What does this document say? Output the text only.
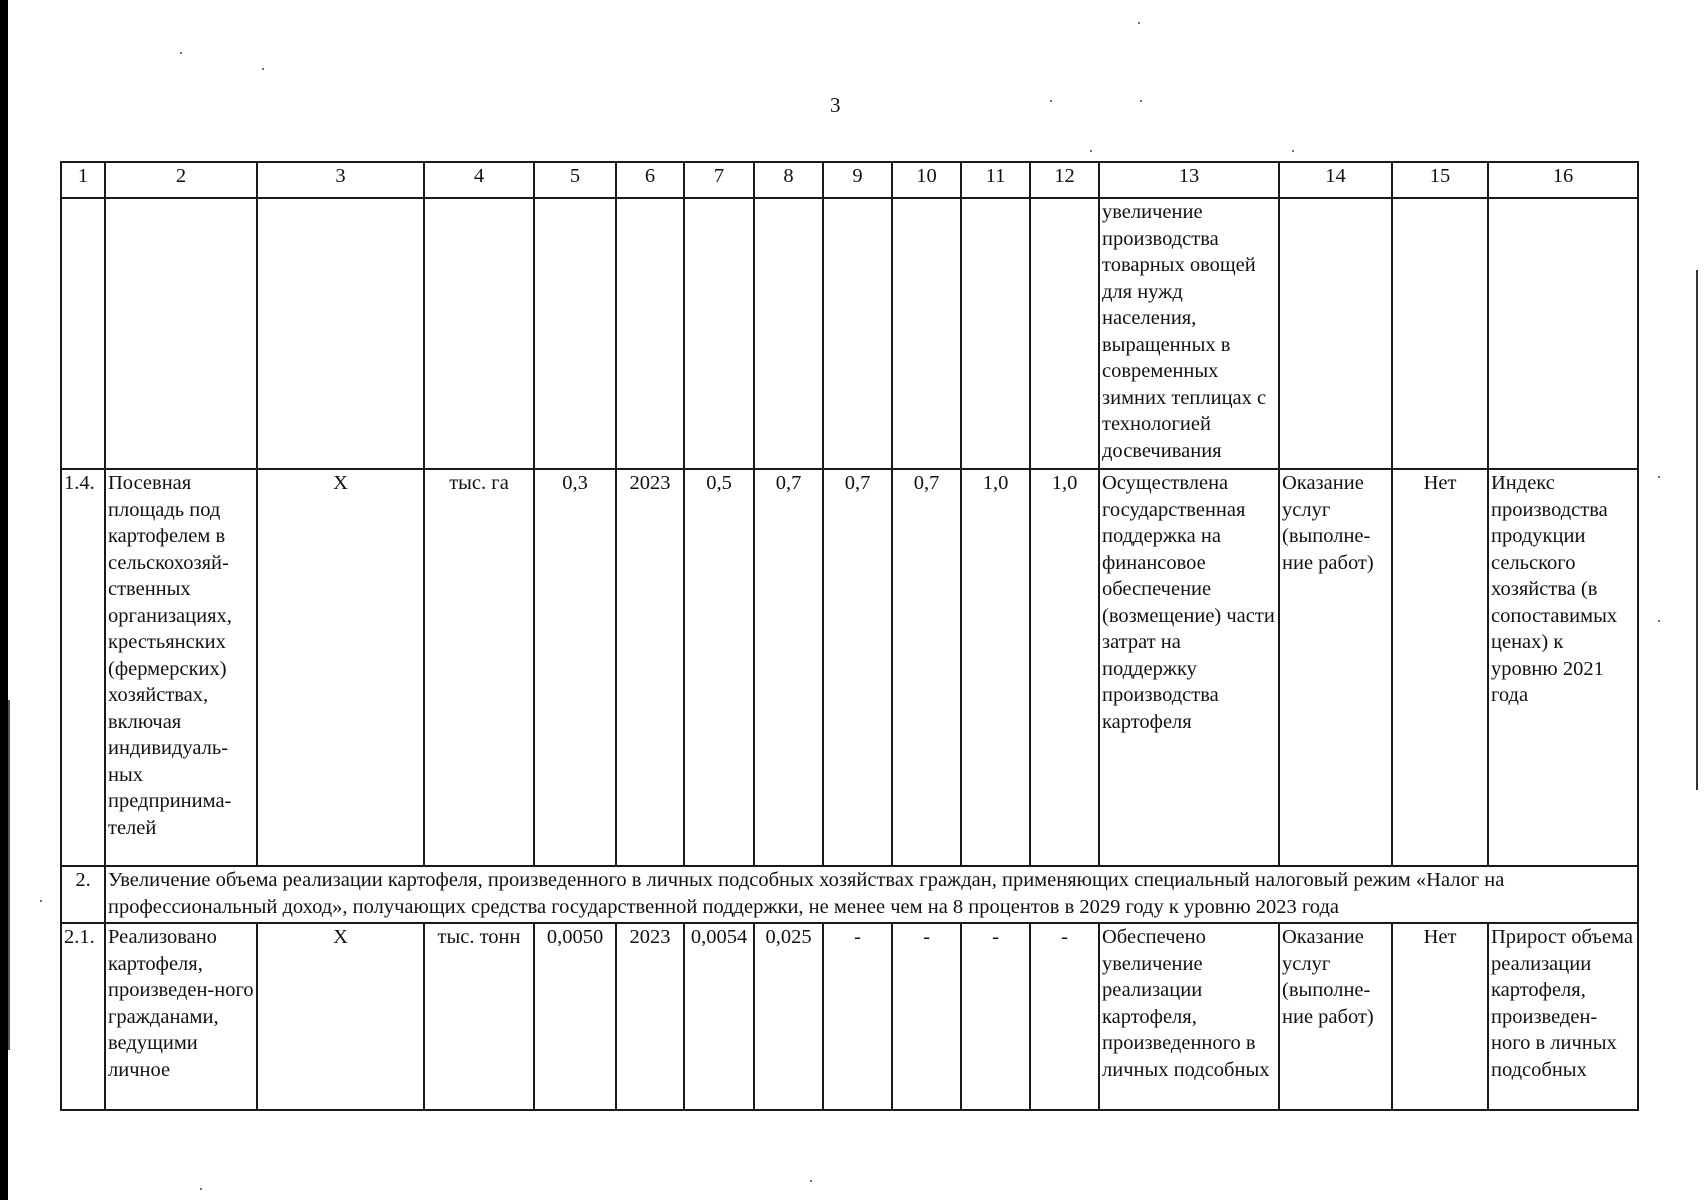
3
1	2	3	4	5	6	7	8	9	10	11	12	13	14	15	16
												увеличение производства товарных овощей для нужд населения, выращенных в современных зимних теплицах с технологией досвечивания			
1.4.	Посевная площадь под картофелем в сельскохозяй-ственных организациях, крестьянских (фермерских) хозяйствах, включая индивидуаль-ных предпринима-телей	X	тыс. га	0,3	2023	0,5	0,7	0,7	0,7	1,0	1,0	Осуществлена государственная поддержка на финансовое обеспечение (возмещение) части затрат на поддержку производства картофеля	Оказание услуг (выполне-ние работ)	Нет	Индекс производства продукции сельского хозяйства (в сопоставимых ценах) к уровню 2021 года
2.	Увеличение объема реализации картофеля, произведенного в личных подсобных хозяйствах граждан, применяющих специальный налоговый режим «Налог на профессиональный доход», получающих средства государственной поддержки, не менее чем на 8 процентов в 2029 году к уровню 2023 года														
2.1.	Реализовано картофеля, произведен-ного гражданами, ведущими личное	X	тыс. тонн	0,0050	2023	0,0054	0,025	-	-	-	-	Обеспечено увеличение реализации картофеля, произведенного в личных подсобных	Оказание услуг (выполне-ние работ)	Нет	Прирост объема реализации картофеля, произведен-ного в личных подсобных
